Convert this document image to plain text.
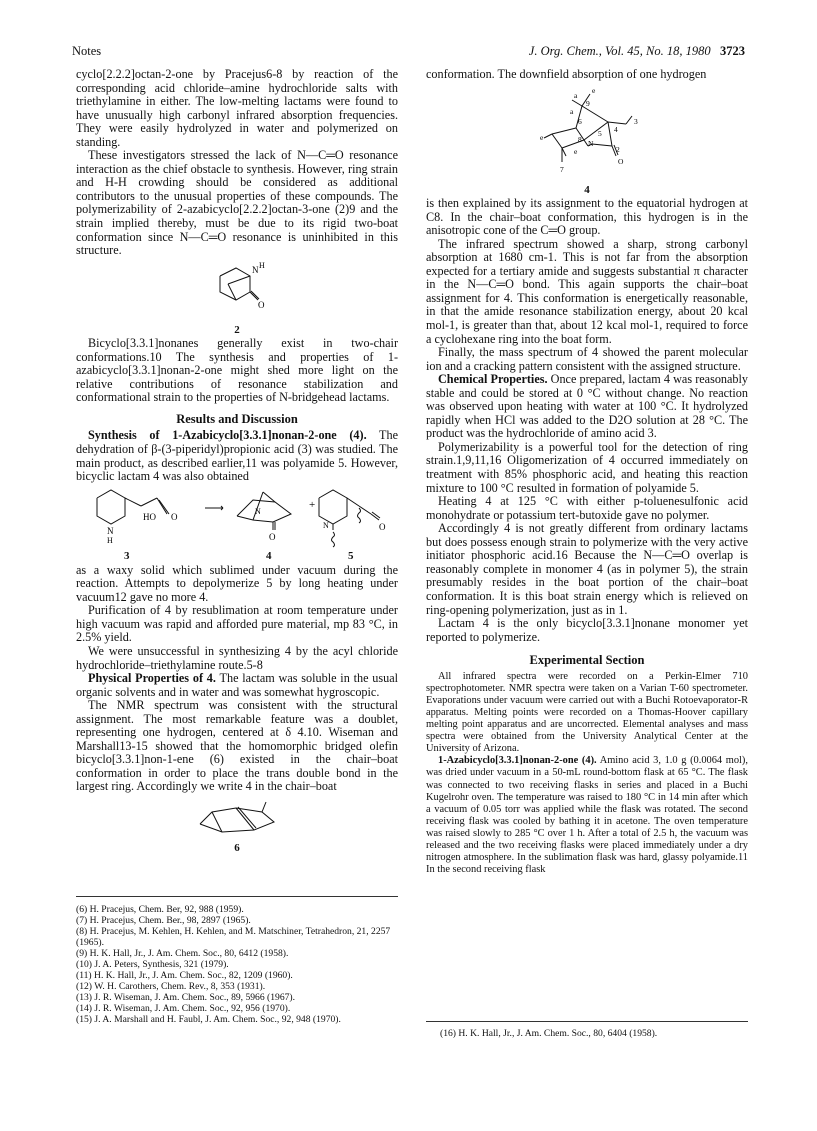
Notes	J. Org. Chem., Vol. 45, No. 18, 1980 3723

cyclo[2.2.2]octan-2-one by Pracejus6-8 by reaction of the corresponding acid chloride–amine hydrochloride salts with triethylamine in either. The low-melting lactams were found to have unusually high carbonyl infrared absorption frequencies. They were easily hydrolyzed in water and polymerized on standing.

These investigators stressed the lack of N—C═O resonance interaction as the chief obstacle to synthesis. However, ring strain and H-H crowding should be considered as additional contributors to the unusual properties of these compounds. The polymerizability of 2-azabicyclo[2.2.2]octan-3-one (2)9 and the strain implied thereby, must be due to its rigid two-boat conformation since N—C═O resonance is uninhibited in this structure.

N H
O
2

Bicyclo[3.3.1]nonanes generally exist in two-chair conformations.10 The synthesis and properties of 1-azabicyclo[3.3.1]nonan-2-one might shed more light on the relative contributions of resonance stabilization and conformational strain to the properties of N-bridgehead lactams.

Results and Discussion

Synthesis of 1-Azabicyclo[3.3.1]nonan-2-one (4). The dehydration of β-(3-piperidyl)propionic acid (3) was studied. The main product, as described earlier,11 was polyamide 5. However, bicyclic lactam 4 was also obtained

N
H
HO O
+
N
O
N	O
3	4	5

as a waxy solid which sublimed under vacuum during the reaction. Attempts to depolymerize 5 by long heating under vacuum12 gave no more 4.

Purification of 4 by resublimation at room temperature under high vacuum was rapid and afforded pure material, mp 83 °C, in 2.5% yield.

We were unsuccessful in synthesizing 4 by the acyl chloride hydrochloride–triethylamine route.5-8

Physical Properties of 4. The lactam was soluble in the usual organic solvents and in water and was somewhat hygroscopic.

The NMR spectrum was consistent with the structural assignment. The most remarkable feature was a doublet, representing one hydrogen, centered at δ 4.10. Wiseman and Marshall13-15 showed that the homomorphic bridged olefin bicyclo[3.3.1]non-1-ene (6) existed in the chair–boat conformation in order to place the trans double bond in the largest ring. Accordingly we write 4 in the chair–boat

6
(6) H. Pracejus, Chem. Ber, 92, 988 (1959).
(7) H. Pracejus, Chem. Ber., 98, 2897 (1965).
(8) H. Pracejus, M. Kehlen, H. Kehlen, and M. Matschiner, Tetrahedron, 21, 2257 (1965).
(9) H. K. Hall, Jr., J. Am. Chem. Soc., 80, 6412 (1958).
(10) J. A. Peters, Synthesis, 321 (1979).
(11) H. K. Hall, Jr., J. Am. Chem. Soc., 82, 1209 (1960).
(12) W. H. Carothers, Chem. Rev., 8, 353 (1931).
(13) J. R. Wiseman, J. Am. Chem. Soc., 89, 5966 (1967).
(14) J. R. Wiseman, J. Am. Chem. Soc., 92, 956 (1970).
(15) J. A. Marshall and H. Faubl, J. Am. Chem. Soc., 92, 948 (1970).

conformation. The downfield absorption of one hydrogen

a
e
9
a
6
e	5 4
3
8 N
e	2
O
7
4

is then explained by its assignment to the equatorial hydrogen at C8. In the chair–boat conformation, this hydrogen is in the anisotropic cone of the C═O group.

The infrared spectrum showed a sharp, strong carbonyl absorption at 1680 cm-1. This is not far from the absorption expected for a tertiary amide and suggests substantial π character in the N—C═O bond. This again supports the chair–boat assignment for 4. This conformation is energetically reasonable, in that the amide resonance stabilization energy, about 20 kcal mol-1, is greater than that, about 12 kcal mol-1, required to force a cyclohexane ring into the boat form.

Finally, the mass spectrum of 4 showed the parent molecular ion and a cracking pattern consistent with the assigned structure.

Chemical Properties. Once prepared, lactam 4 was reasonably stable and could be stored at 0 °C without change. No reaction was observed upon heating with water at 100 °C. It hydrolyzed rapidly when HCl was added to the D2O solution at 28 °C. The product was the hydrochloride of amino acid 3.

Polymerizability is a powerful tool for the detection of ring strain.1,9,11,16 Oligomerization of 4 occurred immediately on treatment with 85% phosphoric acid, and heating this reaction mixture to 100 °C resulted in formation of polyamide 5.

Heating 4 at 125 °C with either p-toluenesulfonic acid monohydrate or potassium tert-butoxide gave no polymer.

Accordingly 4 is not greatly different from ordinary lactams but does possess enough strain to polymerize with the very active initiator phosphoric acid.16 Because the N—C═O overlap is reasonably complete in monomer 4 (as in polymer 5), the strain presumably resides in the boat portion of the chair–boat conformation. It is this boat strain energy which is relieved on ring-opening polymerization, just as in 1.

Lactam 4 is the only bicyclo[3.3.1]nonane monomer yet reported to polymerize.

Experimental Section

All infrared spectra were recorded on a Perkin-Elmer 710 spectrophotometer. NMR spectra were taken on a Varian T-60 spectrometer. Evaporations under vacuum were carried out with a Buchi Rotoevaporator-R apparatus. Melting points were recorded on a Thomas-Hoover capillary melting point apparatus and are uncorrected. Elemental analyses and mass spectra were obtained from the University Analytical Center at the University of Arizona.

1-Azabicyclo[3.3.1]nonan-2-one (4). Amino acid 3, 1.0 g (0.0064 mol), was dried under vacuum in a 50-mL round-bottom flask at 65 °C. The flask was connected to two receiving flasks in series and placed in a Buchi Kugelrohr oven. The temperature was raised to 180 °C in 14 min after which a vacuum of 0.05 torr was applied while the flask was rotated. The second receiving flask was cooled by bathing it in acetone. The oven temperature was raised slowly to 285 °C over 1 h. After a total of 2.5 h, the vacuum was released and the two receiving flasks were placed immediately under a dry nitrogen atmosphere. In the sublimation flask was hard, glassy polyamide.11 In the second receiving flask

(16) H. K. Hall, Jr., J. Am. Chem. Soc., 80, 6404 (1958).
